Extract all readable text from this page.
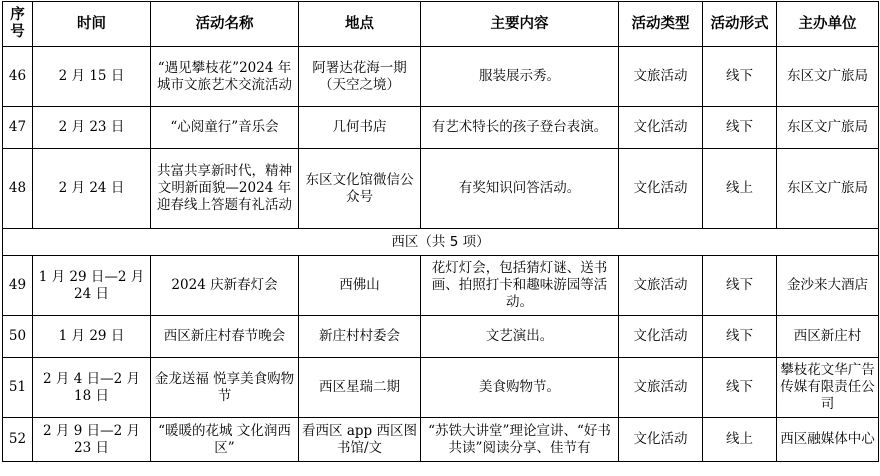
序号	时间	活动名称	地点	主要内容	活动类型	活动形式	主办单位
46	2 月 15 日	“遇见攀枝花”2024 年城市文旅艺术交流活动	阿署达花海一期（天空之境）	服装展示秀。	文旅活动	线下	东区文广旅局
47	2 月 23 日	“心阅童行”音乐会	几何书店	有艺术特长的孩子登台表演。	文化活动	线下	东区文广旅局
48	2 月 24 日	共富共享新时代，精神文明新面貌—2024 年迎春线上答题有礼活动	东区文化馆微信公众号	有奖知识问答活动。	文化活动	线上	东区文广旅局
西区（共 5 项）							
49	1 月 29 日—2 月 24 日	2024 庆新春灯会	西佛山	花灯灯会，包括猜灯谜、送书画、拍照打卡和趣味游园等活动。	文旅活动	线下	金沙来大酒店
50	1 月 29 日	西区新庄村春节晚会	新庄村村委会	文艺演出。	文化活动	线下	西区新庄村
51	2 月 4 日—2 月 18 日	金龙送福 悦享美食购物节	西区星瑞二期	美食购物节。	文旅活动	线下	攀枝花文华广告传媒有限责任公司
52	2 月 9 日—2 月 23 日	“暖暖的花城 文化润西区”	看西区 app 西区图书馆/文	“苏铁大讲堂”理论宣讲、“好书共读”阅读分享、佳节有	文化活动	线上	西区融媒体中心
